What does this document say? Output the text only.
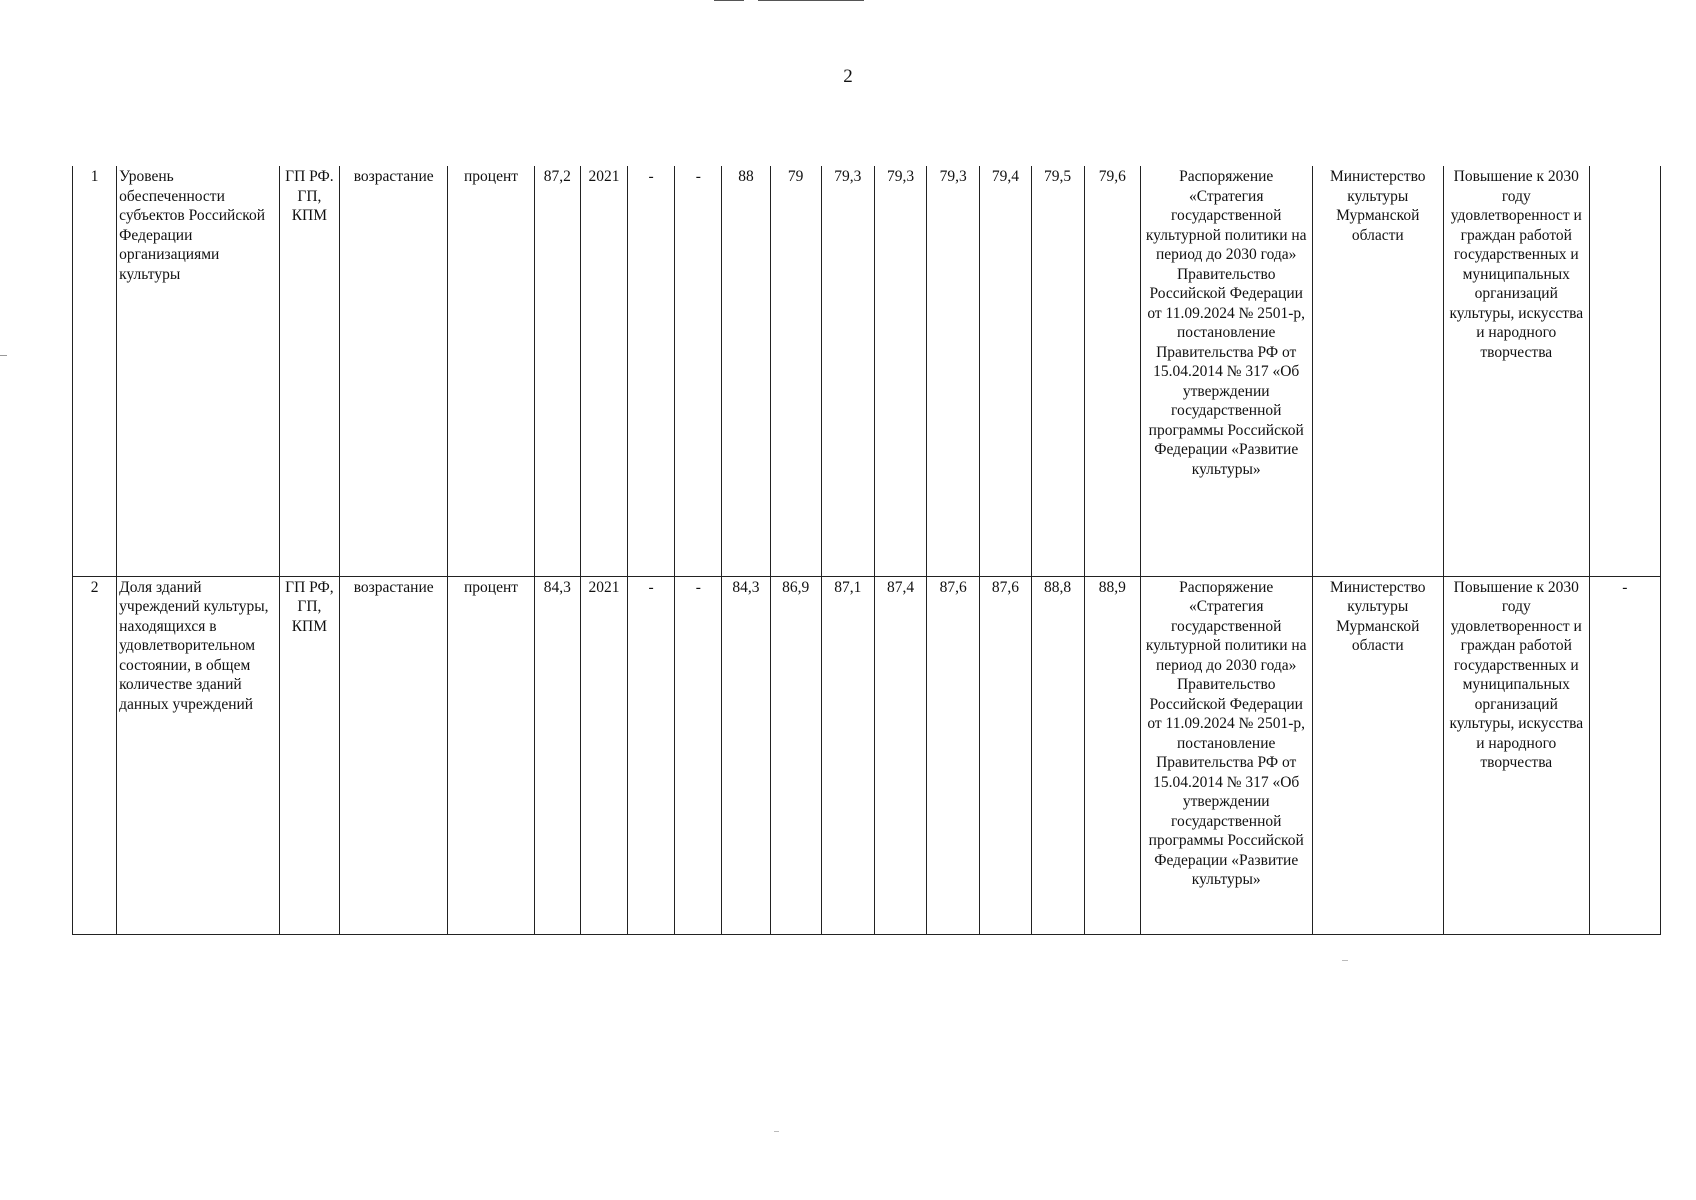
2
1	Уровень обеспеченности субъектов Российской Федерации организациями культуры	ГП РФ. ГП, КПМ	возрастание	процент	87,2	2021	-	-	88	79	79,3	79,3	79,3	79,4	79,5	79,6	Распоряжение «Стратегия государственной культурной политики на период до 2030 года» Правительство Российской Федерации от 11.09.2024 № 2501-р, постановление Правительства РФ от 15.04.2014 № 317 «Об утверждении государственной программы Российской Федерации «Развитие культуры»	Министерство культуры Мурманской области	Повышение к 2030 году удовлетворенност и граждан работой государственных и муниципальных организаций культуры, искусства и народного творчества	
2	Доля зданий учреждений культуры, находящихся в удовлетворительном состоянии, в общем количестве зданий данных учреждений	ГП РФ, ГП, КПМ	возрастание	процент	84,3	2021	-	-	84,3	86,9	87,1	87,4	87,6	87,6	88,8	88,9	Распоряжение «Стратегия государственной культурной политики на период до 2030 года» Правительство Российской Федерации от 11.09.2024 № 2501-р, постановление Правительства РФ от 15.04.2014 № 317 «Об утверждении государственной программы Российской Федерации «Развитие культуры»	Министерство культуры Мурманской области	Повышение к 2030 году удовлетворенност и граждан работой государственных и муниципальных организаций культуры, искусства и народного творчества	-
